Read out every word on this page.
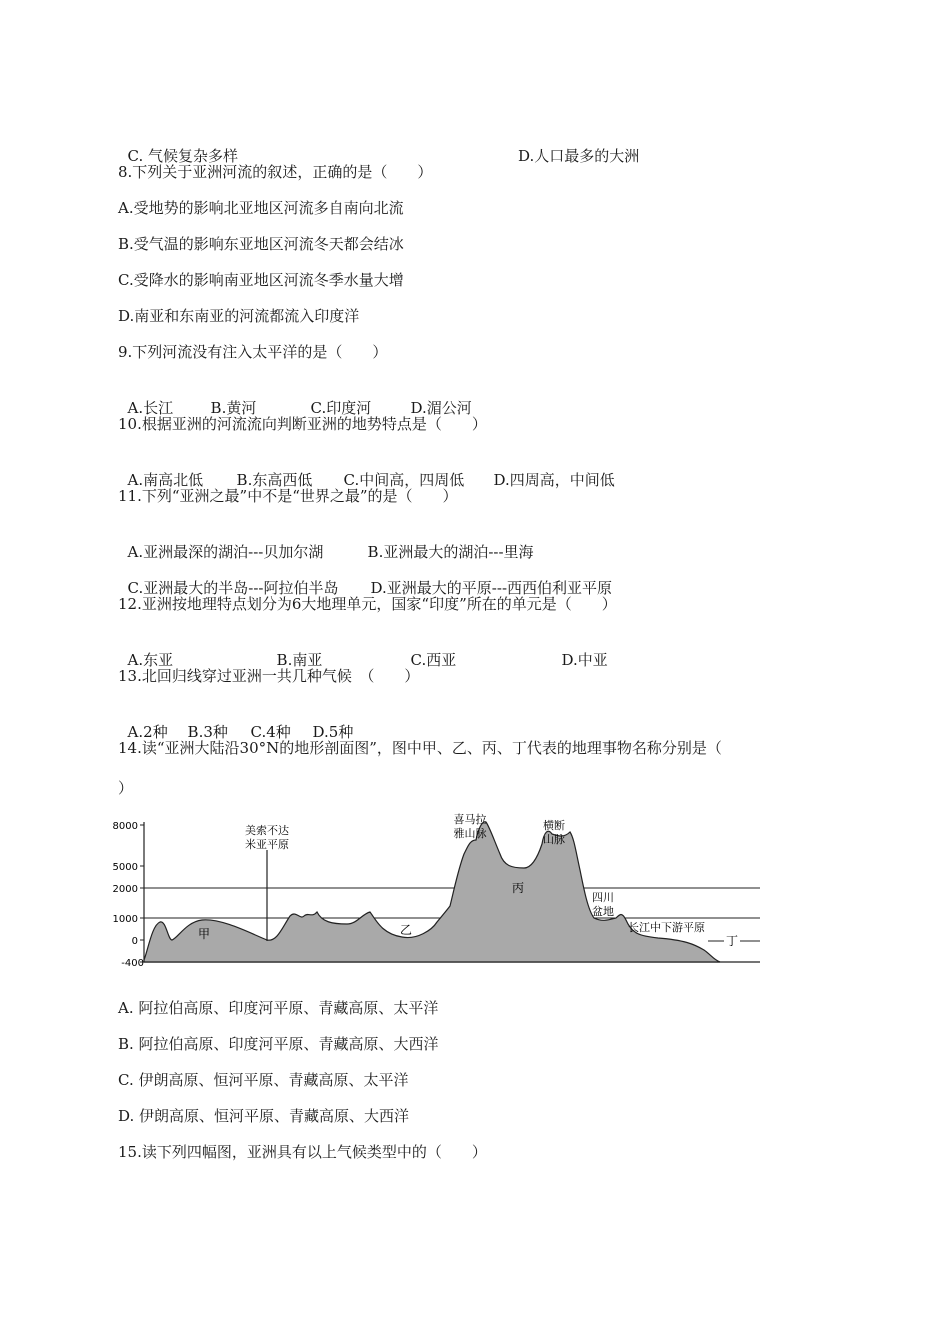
C. 气候复杂多样	D.人口最多的大洲

8.下列关于亚洲河流的叙述，正确的是（　　）
A.受地势的影响北亚地区河流多自南向北流
B.受气温的影响东亚地区河流冬天都会结冰
C.受降水的影响南亚地区河流冬季水量大增
D.南亚和东南亚的河流都流入印度洋
9.下列河流没有注入太平洋的是（　　）

A.长江 B.黄河	C.印度河	D.湄公河

10.根据亚洲的河流流向判断亚洲的地势特点是（　　）

A.南高北低 B.东高西低 C.中间高，四周低 D.四周高，中间低

11.下列“亚洲之最”中不是“世界之最”的是（　　）

A.亚洲最深的湖泊---贝加尔湖	B.亚洲最大的湖泊---里海

C.亚洲最大的半岛---阿拉伯半岛 D.亚洲最大的平原---西西伯利亚平原

12.亚洲按地理特点划分为6大地理单元，国家“印度”所在的单元是（　　）

A.东亚	B.南亚	C.西亚	D.中亚

13.北回归线穿过亚洲一共几种气候　（　　）

A.2种 B.3种 C.4种 D.5种

14.读“亚洲大陆沿30°N的地形剖面图”，图中甲、乙、丙、丁代表的地理事物名称分别是（
）
8000
5000
2000
1000
0
-400
美索不达
米亚平原
喜马拉
雅山脉
横断
山脉
四川
盆地
长江中下游平原
甲	乙
丙
丁
A. 阿拉伯高原、印度河平原、青藏高原、太平洋
B. 阿拉伯高原、印度河平原、青藏高原、大西洋
C. 伊朗高原、恒河平原、青藏高原、太平洋
D. 伊朗高原、恒河平原、青藏高原、大西洋
15.读下列四幅图，亚洲具有以上气候类型中的（　　）
